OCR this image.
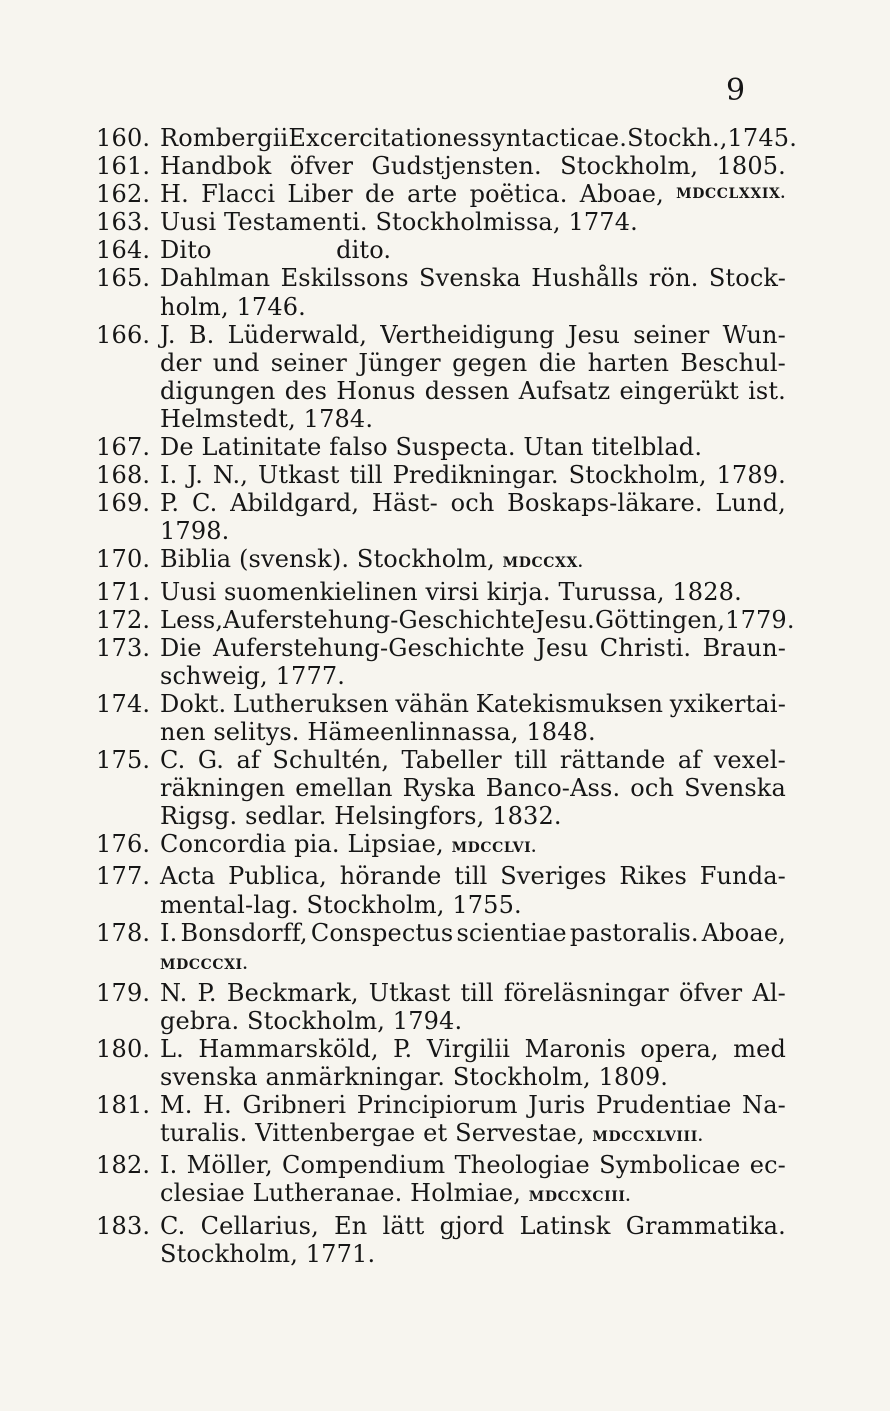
9
160. Rombergii Excercitationes syntacticae. Stockh., 1745.
161. Handbok öfver Gudstjensten. Stockholm, 1805.
162. H. Flacci Liber de arte poëtica. Aboae, MDCCLXXIX.
163. Uusi Testamenti. Stockholmissa, 1774.
164. Dito                dito.
165. Dahlman Eskilssons Svenska Hushålls rön. Stock-
holm, 1746.
166. J. B. Lüderwald, Vertheidigung Jesu seiner Wun-
der und seiner Jünger gegen die harten Beschul-
digungen des Honus dessen Aufsatz eingerükt ist.
Helmstedt, 1784.
167. De Latinitate falso Suspecta. Utan titelblad.
168. I. J. N., Utkast till Predikningar. Stockholm, 1789.
169. P. C. Abildgard, Häst- och Boskaps-läkare. Lund,
1798.
170. Biblia (svensk). Stockholm, MDCCXX.
171. Uusi suomenkielinen virsi kirja. Turussa, 1828.
172. Less, Auferstehung-Geschichte Jesu. Göttingen, 1779.
173. Die Auferstehung-Geschichte Jesu Christi. Braun-
schweig, 1777.
174. Dokt. Lutheruksen vähän Katekismuksen yxikertai-
nen selitys. Hämeenlinnassa, 1848.
175. C. G. af Schultén, Tabeller till rättande af vexel-
räkningen emellan Ryska Banco-Ass. och Svenska
Rigsg. sedlar. Helsingfors, 1832.
176. Concordia pia. Lipsiae, MDCCLVI.
177. Acta Publica, hörande till Sveriges Rikes Funda-
mental-lag. Stockholm, 1755.
178. I. Bonsdorff, Conspectus scientiae pastoralis. Aboae,
MDCCCXI.
179. N. P. Beckmark, Utkast till föreläsningar öfver Al-
gebra. Stockholm, 1794.
180. L. Hammarsköld, P. Virgilii Maronis opera, med
svenska anmärkningar. Stockholm, 1809.
181. M. H. Gribneri Principiorum Juris Prudentiae Na-
turalis. Vittenbergae et Servestae, MDCCXLVIII.
182. I. Möller, Compendium Theologiae Symbolicae ec-
clesiae Lutheranae. Holmiae, MDCCXCIII.
183. C. Cellarius, En lätt gjord Latinsk Grammatika.
Stockholm, 1771.
